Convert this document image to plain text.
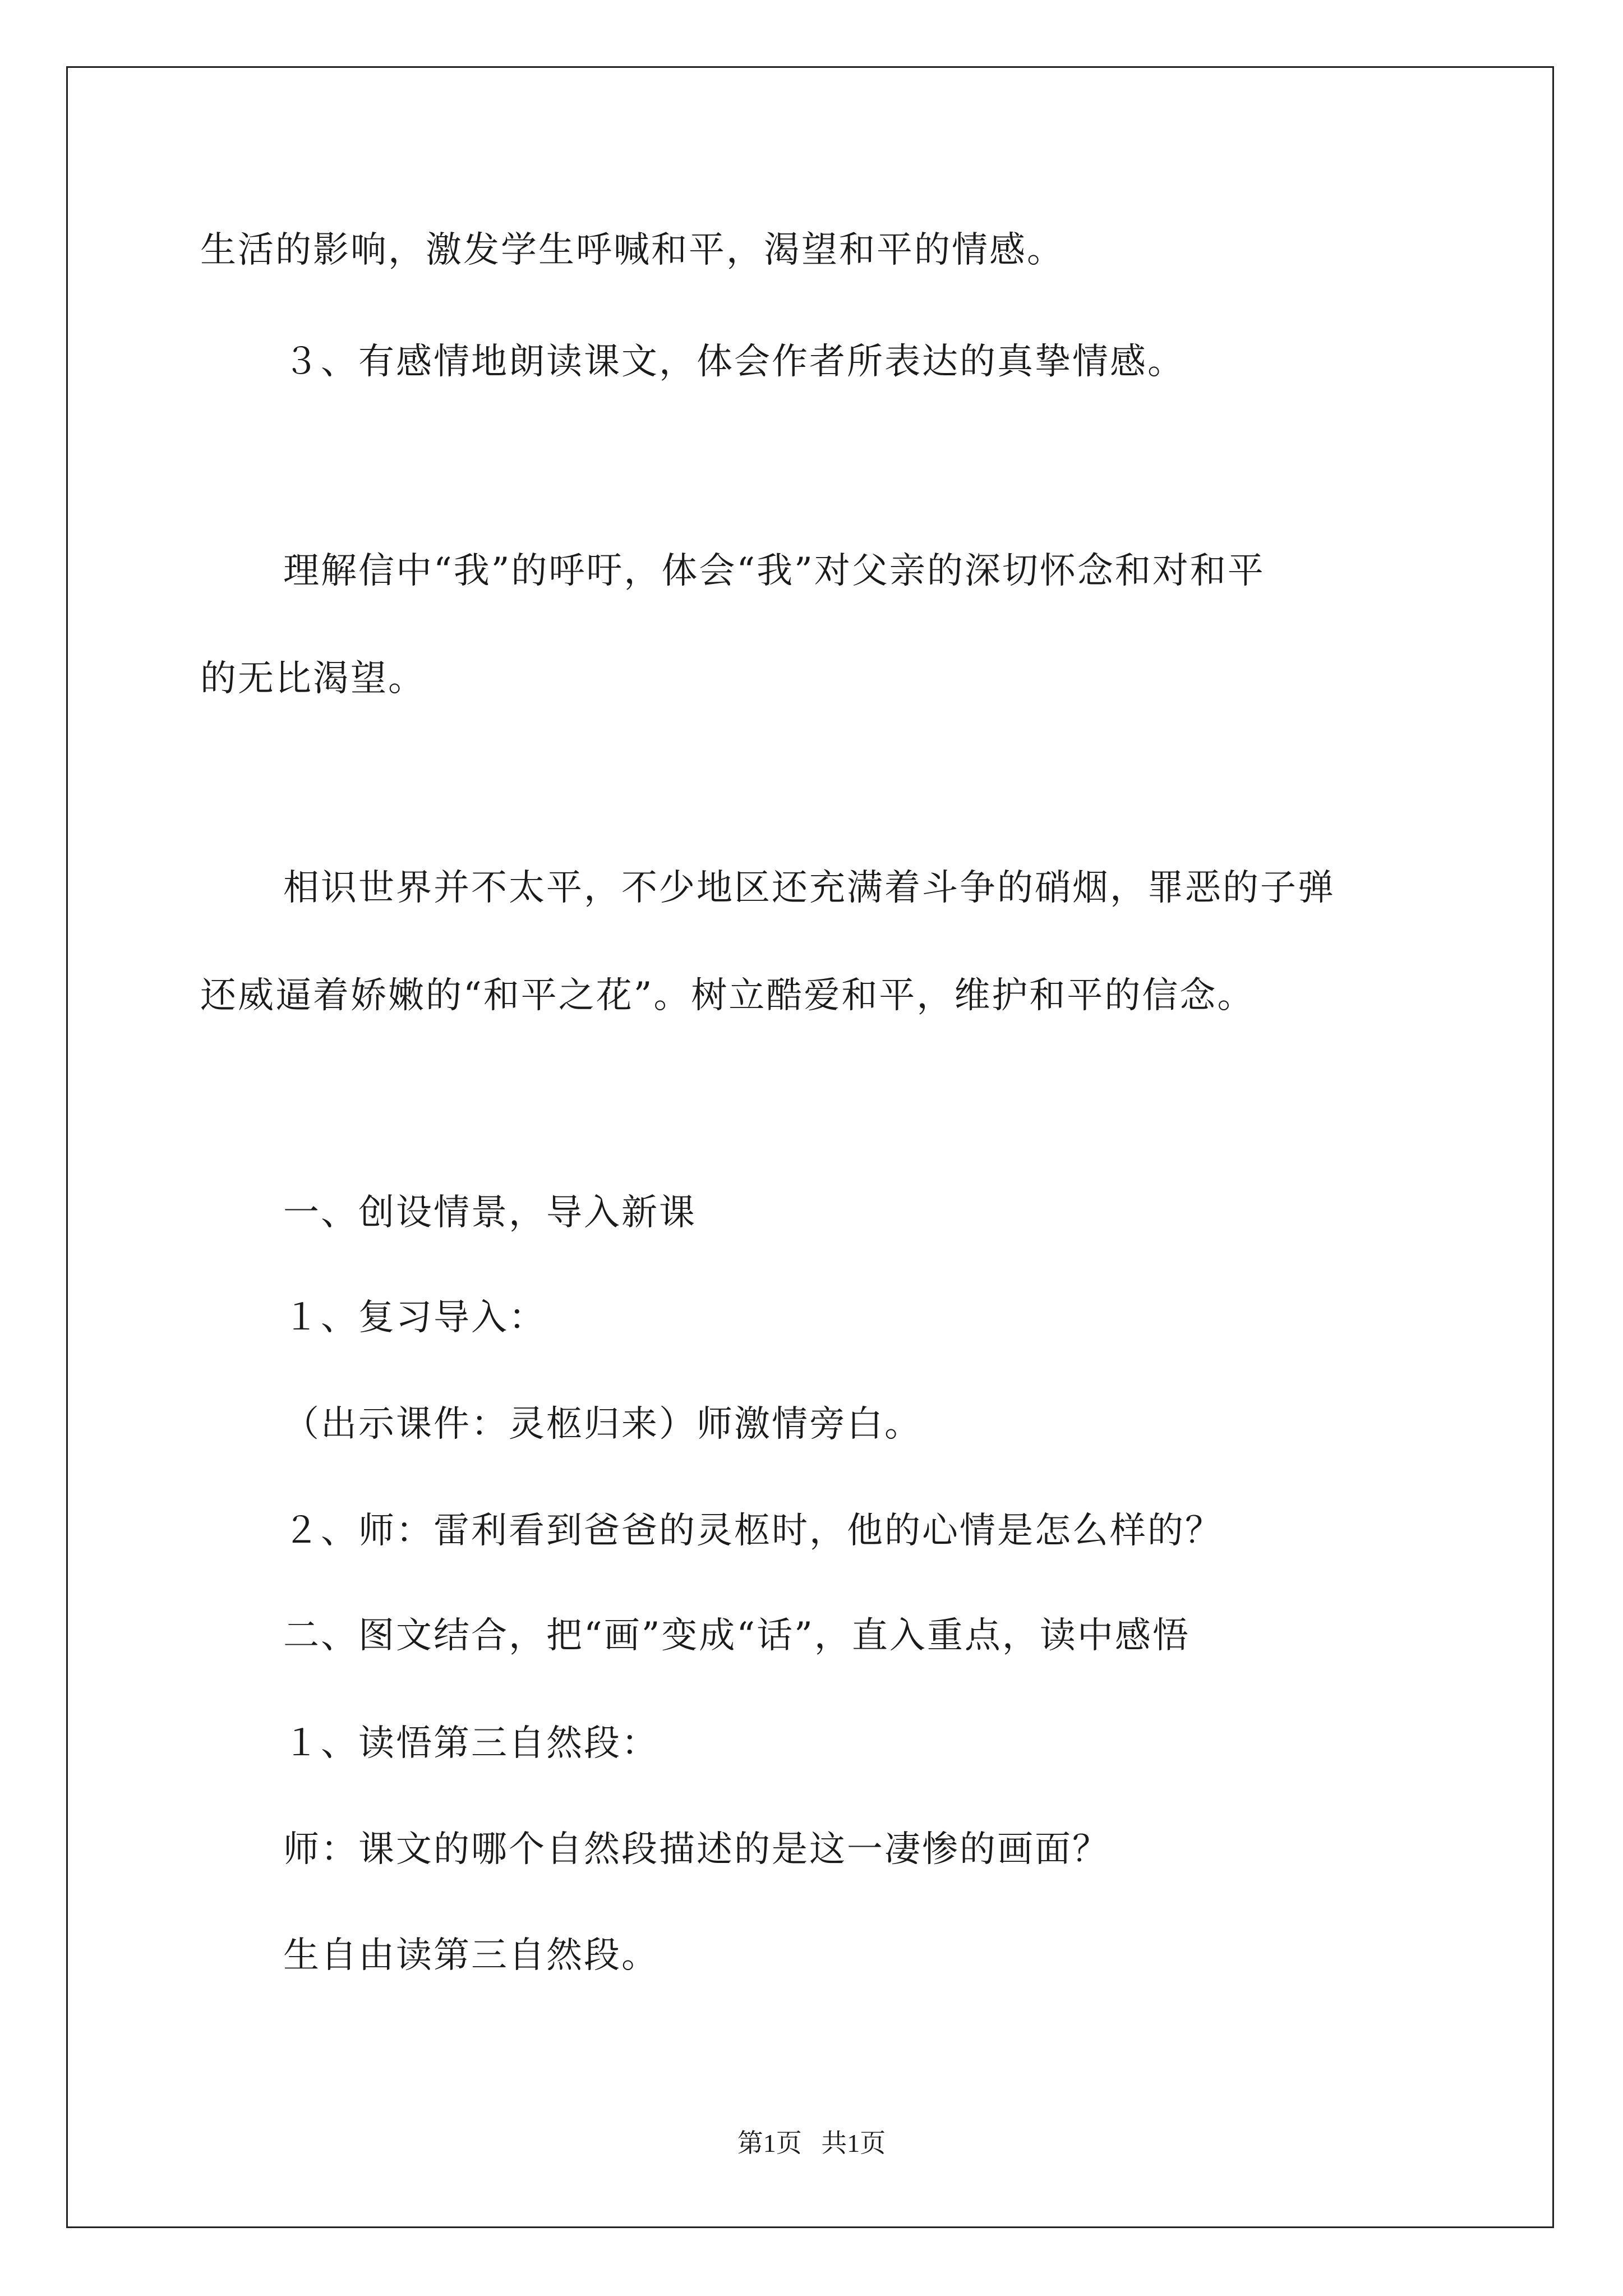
生活的影响，激发学生呼喊和平，渴望和平的情感。
３、有感情地朗读课文，体会作者所表达的真挚情感。
理解信中“我”的呼吁，体会“我”对父亲的深切怀念和对和平
的无比渴望。
相识世界并不太平，不少地区还充满着斗争的硝烟，罪恶的子弹
还威逼着娇嫩的“和平之花”。树立酷爱和平，维护和平的信念。
一、创设情景，导入新课
１、复习导入：
（出示课件：灵柩归来）师激情旁白。
２、师：雷利看到爸爸的灵柩时，他的心情是怎么样的？
二、图文结合，把“画”变成“话”，直入重点，读中感悟
１、读悟第三自然段：
师：课文的哪个自然段描述的是这一凄惨的画面？
生自由读第三自然段。
第1页   共1页
